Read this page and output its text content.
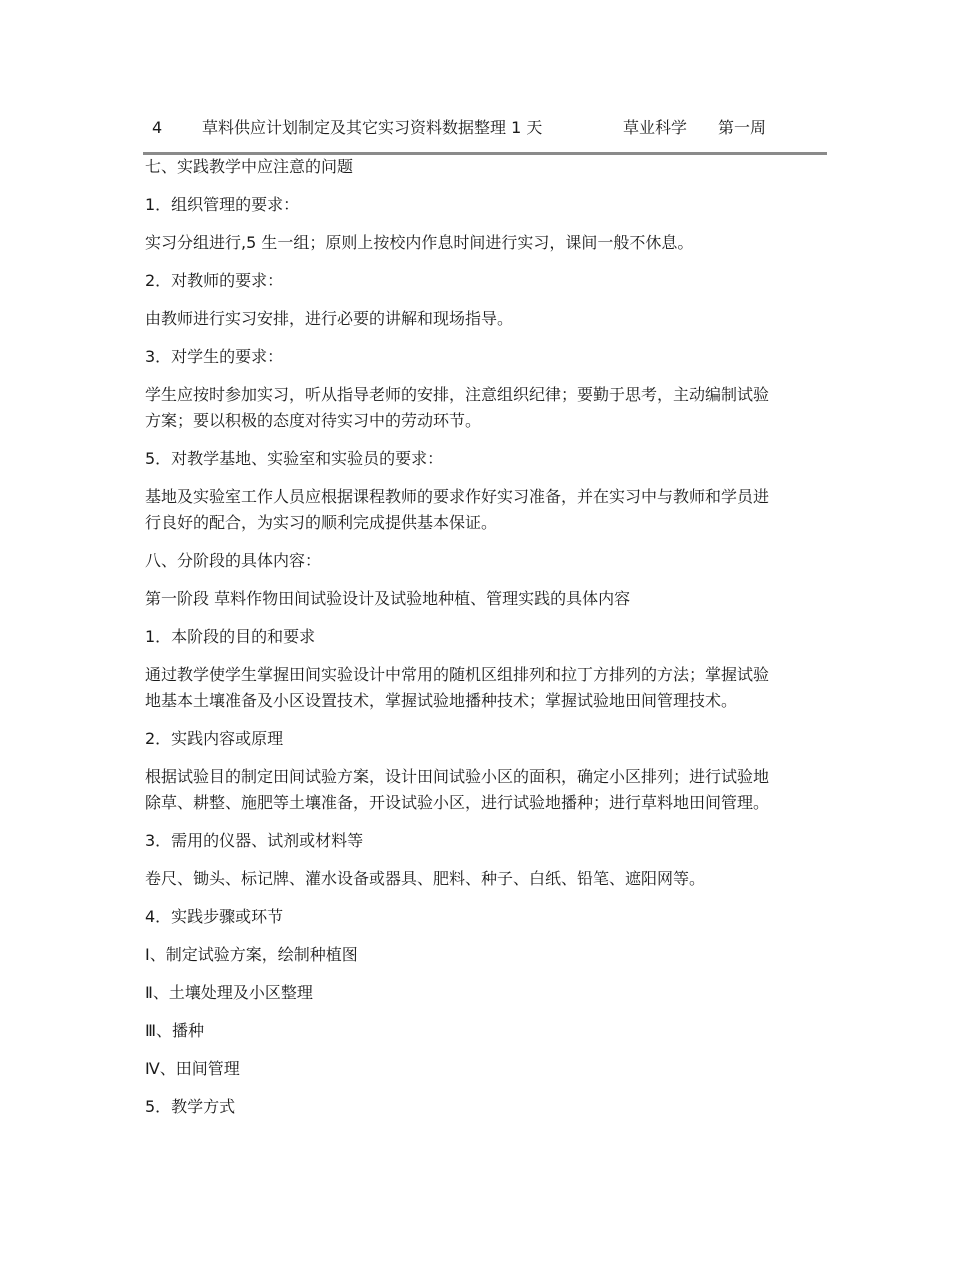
4 草料供应计划制定及其它实习资料数据整理 1 天	草业科学 第一周

七、实践教学中应注意的问题

1．组织管理的要求：

实习分组进行,5 生一组；原则上按校内作息时间进行实习，课间一般不休息。

2．对教师的要求：

由教师进行实习安排，进行必要的讲解和现场指导。

3．对学生的要求：

学生应按时参加实习，听从指导老师的安排，注意组织纪律；要勤于思考，主动编制试验
方案；要以积极的态度对待实习中的劳动环节。

5．对教学基地、实验室和实验员的要求：

基地及实验室工作人员应根据课程教师的要求作好实习准备，并在实习中与教师和学员进
行良好的配合，为实习的顺利完成提供基本保证。

八、分阶段的具体内容：

第一阶段 草料作物田间试验设计及试验地种植、管理实践的具体内容

1．本阶段的目的和要求

通过教学使学生掌握田间实验设计中常用的随机区组排列和拉丁方排列的方法；掌握试验
地基本土壤准备及小区设置技术，掌握试验地播种技术；掌握试验地田间管理技术。

2．实践内容或原理

根据试验目的制定田间试验方案，设计田间试验小区的面积，确定小区排列；进行试验地
除草、耕整、施肥等土壤准备，开设试验小区，进行试验地播种；进行草料地田间管理。

3．需用的仪器、试剂或材料等

卷尺、锄头、标记牌、灌水设备或器具、肥料、种子、白纸、铅笔、遮阳网等。

4．实践步骤或环节

Ⅰ、制定试验方案，绘制种植图

Ⅱ、土壤处理及小区整理

Ⅲ、播种

Ⅳ、田间管理

5．教学方式
